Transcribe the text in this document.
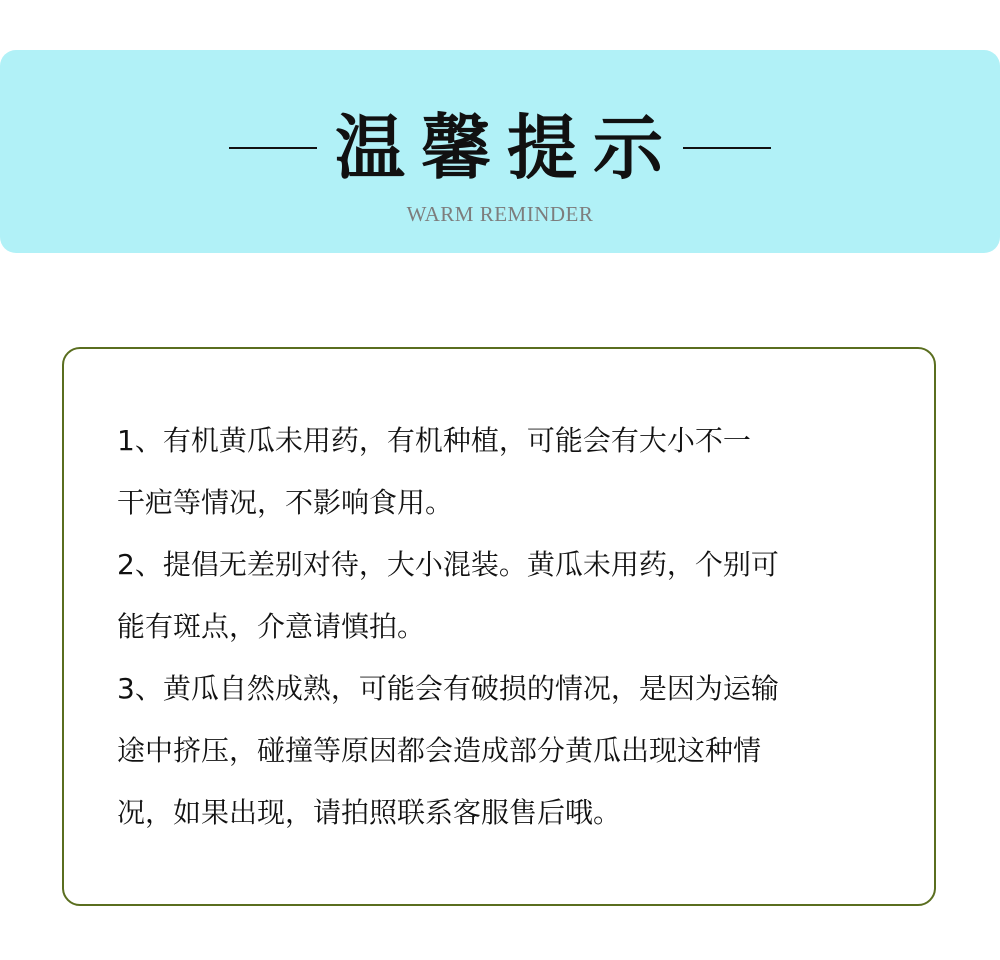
温馨提示
WARM REMINDER
1、有机黄瓜未用药，有机种植，可能会有大小不一
干疤等情况，不影响食用。
2、提倡无差别对待，大小混装。黄瓜未用药，个别可
能有斑点，介意请慎拍。
3、黄瓜自然成熟，可能会有破损的情况，是因为运输
途中挤压，碰撞等原因都会造成部分黄瓜出现这种情
况，如果出现，请拍照联系客服售后哦。
